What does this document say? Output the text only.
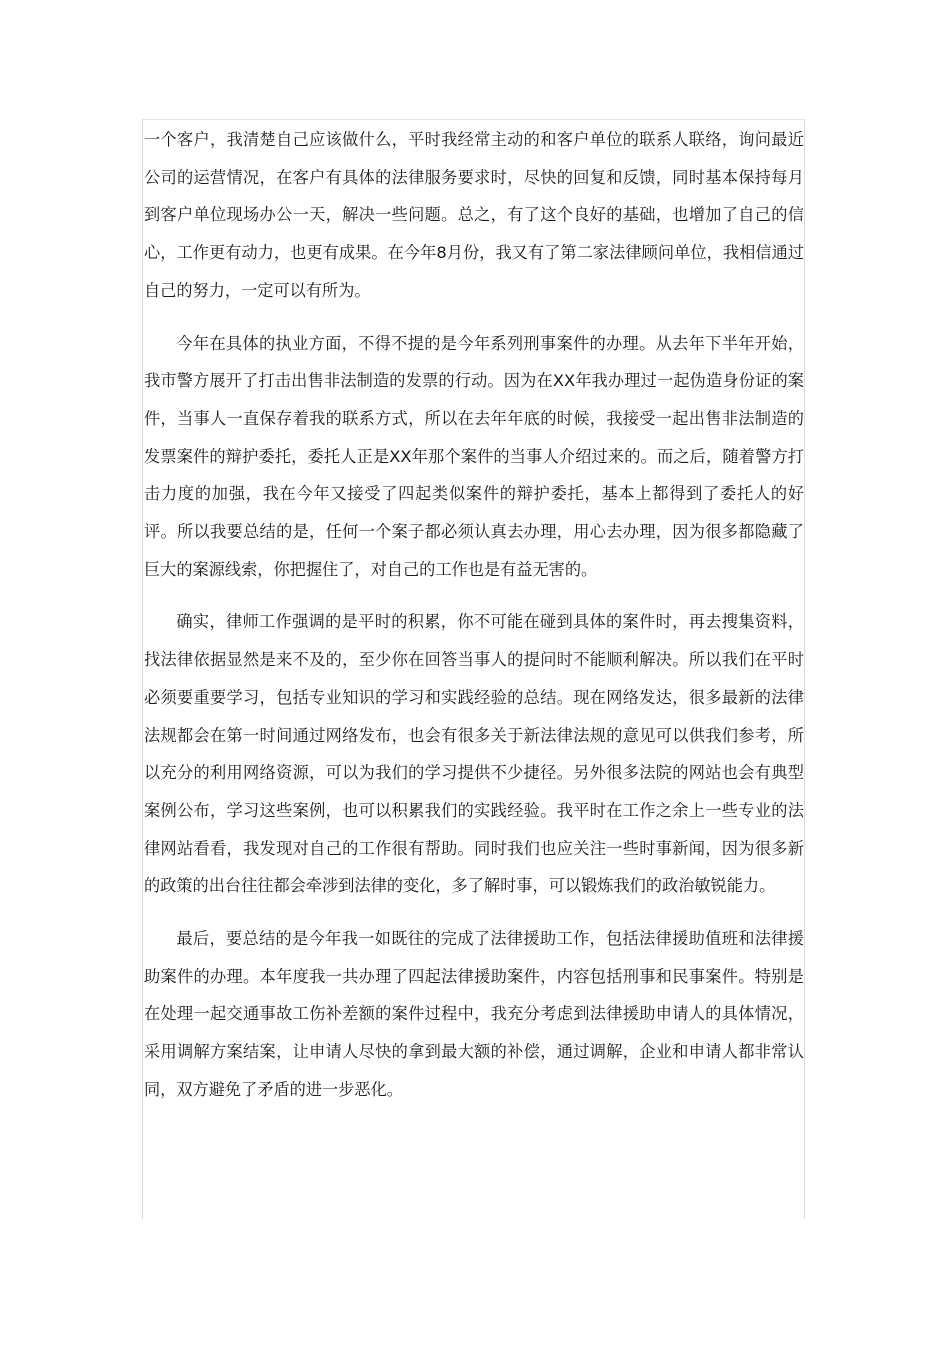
一个客户，我清楚自己应该做什么，平时我经常主动的和客户单位的联系人联络，询问最近公司的运营情况，在客户有具体的法律服务要求时，尽快的回复和反馈，同时基本保持每月到客户单位现场办公一天，解决一些问题。总之，有了这个良好的基础，也增加了自己的信心，工作更有动力，也更有成果。在今年8月份，我又有了第二家法律顾问单位，我相信通过自己的努力，一定可以有所为。

今年在具体的执业方面，不得不提的是今年系列刑事案件的办理。从去年下半年开始，我市警方展开了打击出售非法制造的发票的行动。因为在XX年我办理过一起伪造身份证的案件，当事人一直保存着我的联系方式，所以在去年年底的时候，我接受一起出售非法制造的发票案件的辩护委托，委托人正是XX年那个案件的当事人介绍过来的。而之后，随着警方打击力度的加强，我在今年又接受了四起类似案件的辩护委托，基本上都得到了委托人的好评。所以我要总结的是，任何一个案子都必须认真去办理，用心去办理，因为很多都隐藏了巨大的案源线索，你把握住了，对自己的工作也是有益无害的。

确实，律师工作强调的是平时的积累，你不可能在碰到具体的案件时，再去搜集资料，找法律依据显然是来不及的，至少你在回答当事人的提问时不能顺利解决。所以我们在平时必须要重要学习，包括专业知识的学习和实践经验的总结。现在网络发达，很多最新的法律法规都会在第一时间通过网络发布，也会有很多关于新法律法规的意见可以供我们参考，所以充分的利用网络资源，可以为我们的学习提供不少捷径。另外很多法院的网站也会有典型案例公布，学习这些案例，也可以积累我们的实践经验。我平时在工作之余上一些专业的法律网站看看，我发现对自己的工作很有帮助。同时我们也应关注一些时事新闻，因为很多新的政策的出台往往都会牵涉到法律的变化，多了解时事，可以锻炼我们的政治敏锐能力。

最后，要总结的是今年我一如既往的完成了法律援助工作，包括法律援助值班和法律援助案件的办理。本年度我一共办理了四起法律援助案件，内容包括刑事和民事案件。特别是在处理一起交通事故工伤补差额的案件过程中，我充分考虑到法律援助申请人的具体情况，采用调解方案结案，让申请人尽快的拿到最大额的补偿，通过调解，企业和申请人都非常认同，双方避免了矛盾的进一步恶化。
